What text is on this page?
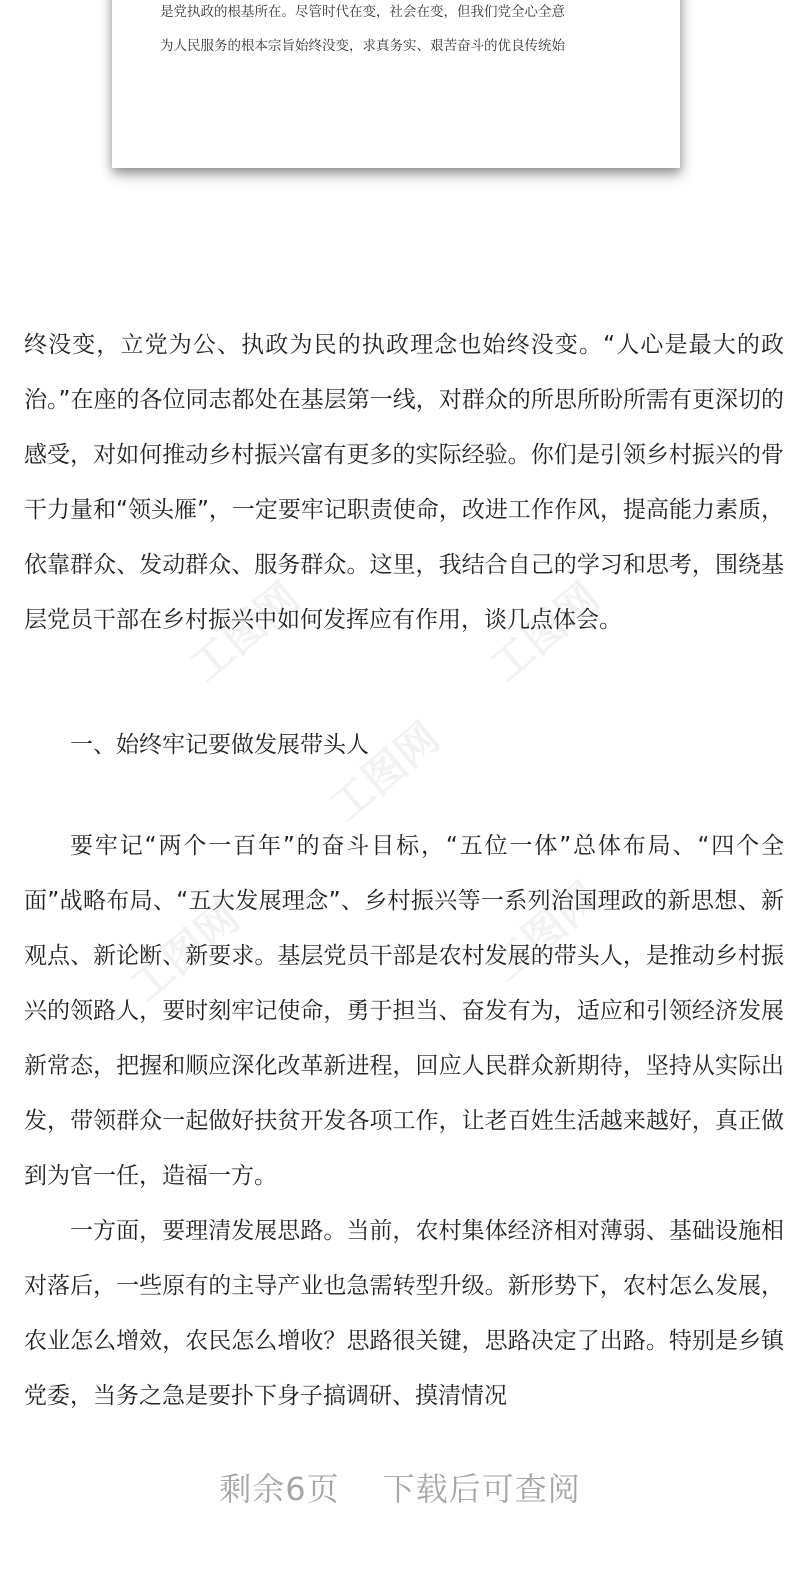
是党执政的根基所在。尽管时代在变，社会在变，但我们党全心全意
为人民服务的根本宗旨始终没变，求真务实、艰苦奋斗的优良传统始
工图网
工图网
工图网
工图网	工图网

终没变，立党为公、执政为民的执政理念也始终没变。“人心是最大的政治。”在座的各位同志都处在基层第一线，对群众的所思所盼所需有更深切的感受，对如何推动乡村振兴富有更多的实际经验。你们是引领乡村振兴的骨干力量和“领头雁”，一定要牢记职责使命，改进工作作风，提高能力素质，依靠群众、发动群众、服务群众。这里，我结合自己的学习和思考，围绕基层党员干部在乡村振兴中如何发挥应有作用，谈几点体会。

一、始终牢记要做发展带头人

要牢记“两个一百年”的奋斗目标，“五位一体”总体布局、“四个全面”战略布局、“五大发展理念”、乡村振兴等一系列治国理政的新思想、新观点、新论断、新要求。基层党员干部是农村发展的带头人，是推动乡村振兴的领路人，要时刻牢记使命，勇于担当、奋发有为，适应和引领经济发展新常态，把握和顺应深化改革新进程，回应人民群众新期待，坚持从实际出发，带领群众一起做好扶贫开发各项工作，让老百姓生活越来越好，真正做到为官一任，造福一方。

一方面，要理清发展思路。当前，农村集体经济相对薄弱、基础设施相对落后，一些原有的主导产业也急需转型升级。新形势下，农村怎么发展，农业怎么增效，农民怎么增收？思路很关键，思路决定了出路。特别是乡镇党委，当务之急是要扑下身子搞调研、摸清情况

剩余6页 下载后可查阅
